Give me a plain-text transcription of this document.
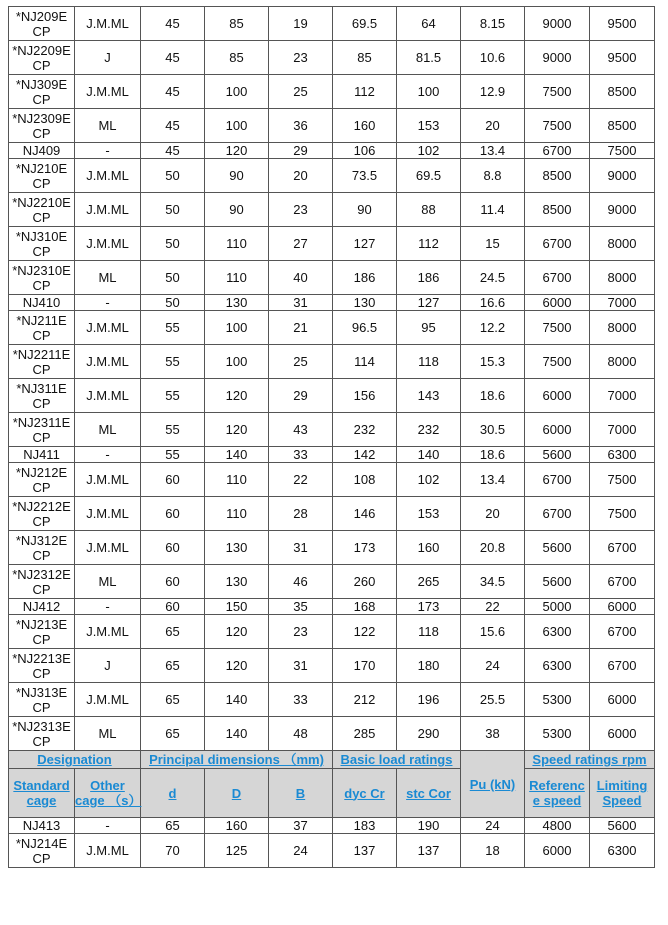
*NJ209E CP	J.M.ML	45	85	19	69.5	64	8.15	9000	9500
*NJ2209E CP	J	45	85	23	85	81.5	10.6	9000	9500
*NJ309E CP	J.M.ML	45	100	25	112	100	12.9	7500	8500
*NJ2309E CP	ML	45	100	36	160	153	20	7500	8500
NJ409	-	45	120	29	106	102	13.4	6700	7500
*NJ210E CP	J.M.ML	50	90	20	73.5	69.5	8.8	8500	9000
*NJ2210E CP	J.M.ML	50	90	23	90	88	11.4	8500	9000
*NJ310E CP	J.M.ML	50	110	27	127	112	15	6700	8000
*NJ2310E CP	ML	50	110	40	186	186	24.5	6700	8000
NJ410	-	50	130	31	130	127	16.6	6000	7000
*NJ211E CP	J.M.ML	55	100	21	96.5	95	12.2	7500	8000
*NJ2211E CP	J.M.ML	55	100	25	114	118	15.3	7500	8000
*NJ311E CP	J.M.ML	55	120	29	156	143	18.6	6000	7000
*NJ2311E CP	ML	55	120	43	232	232	30.5	6000	7000
NJ411	-	55	140	33	142	140	18.6	5600	6300
*NJ212E CP	J.M.ML	60	110	22	108	102	13.4	6700	7500
*NJ2212E CP	J.M.ML	60	110	28	146	153	20	6700	7500
*NJ312E CP	J.M.ML	60	130	31	173	160	20.8	5600	6700
*NJ2312E CP	ML	60	130	46	260	265	34.5	5600	6700
NJ412	-	60	150	35	168	173	22	5000	6000
*NJ213E CP	J.M.ML	65	120	23	122	118	15.6	6300	6700
*NJ2213E CP	J	65	120	31	170	180	24	6300	6700
*NJ313E CP	J.M.ML	65	140	33	212	196	25.5	5300	6000
*NJ2313E CP	ML	65	140	48	285	290	38	5300	6000
Designation		Principal dimensions （mm)			Basic load ratings		Pu (kN)	Speed ratings rpm	
Standard cage	Other cage （s）	d	D	B	dyc Cr	stc Cor		Referenc e speed	Limiting Speed
NJ413	-	65	160	37	183	190	24	4800	5600
*NJ214E CP	J.M.ML	70	125	24	137	137	18	6000	6300
